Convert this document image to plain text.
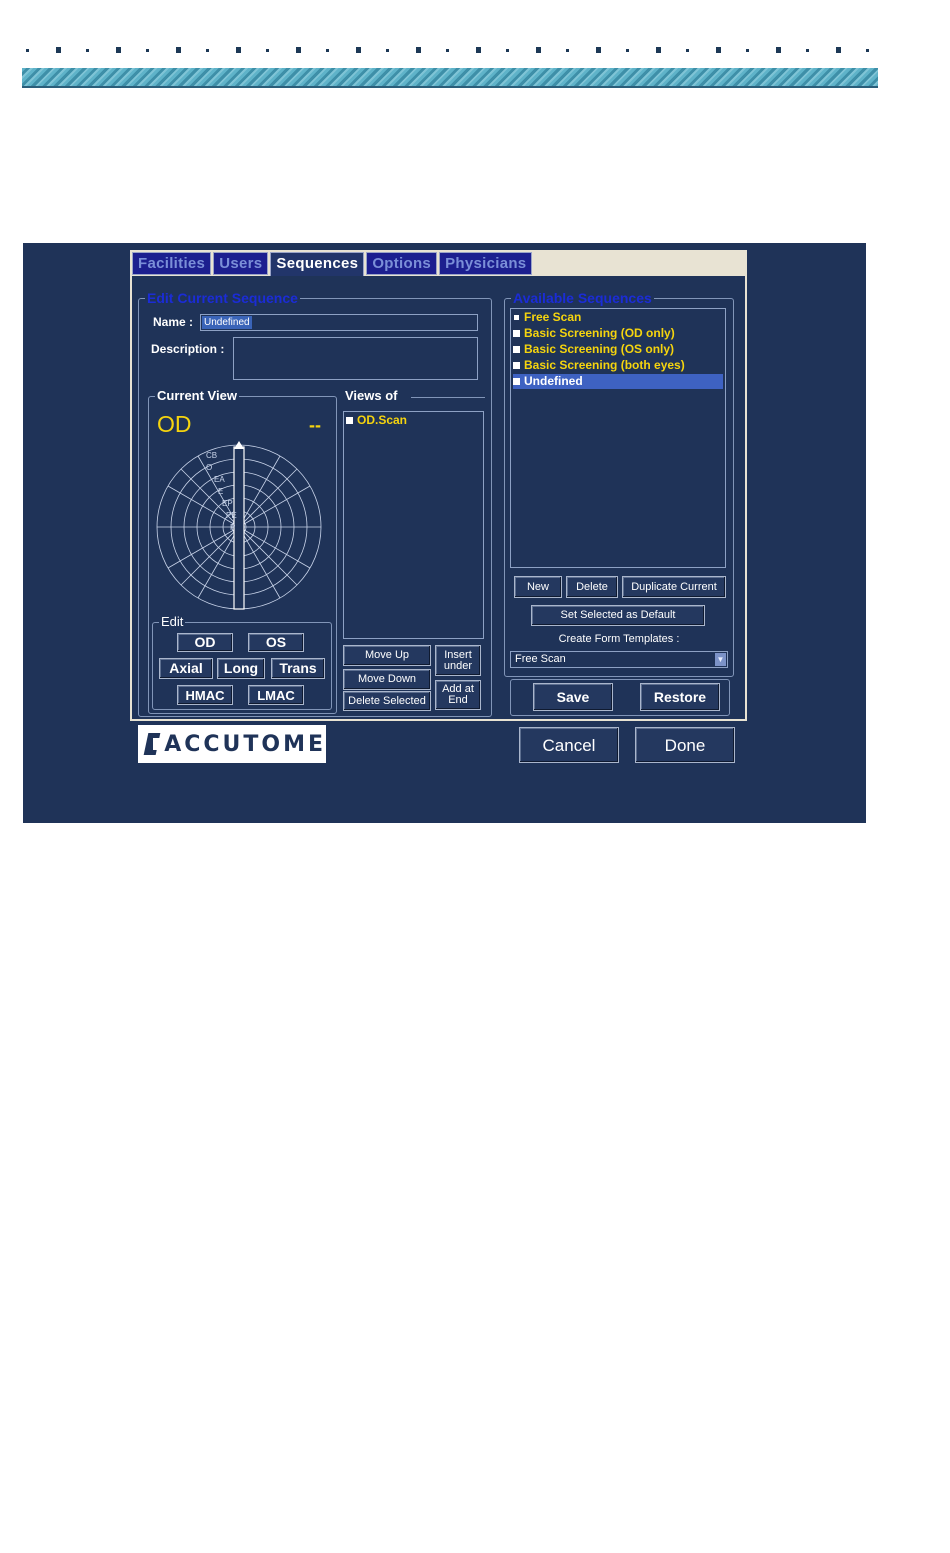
Facilities Users Sequences Options Physicians
Edit Current Sequence
Name : Undefined
Description :
Current View
OD	--
CB
O
EA
E
EP
PE
P
Edit
OD	OS
Axial	Long	Trans
HMAC	LMAC
Views of
OD.Scan
Move Up
Move Down
Delete Selected
Insert under
Add at End
Available Sequences
Free Scan
Basic Screening (OD only)
Basic Screening (OS only)
Basic Screening (both eyes)
Undefined
New	Delete	Duplicate Current
Set Selected as Default
Create Form Templates :
Free Scan	▼
Save	Restore
ACCUTOME	Cancel	Done
